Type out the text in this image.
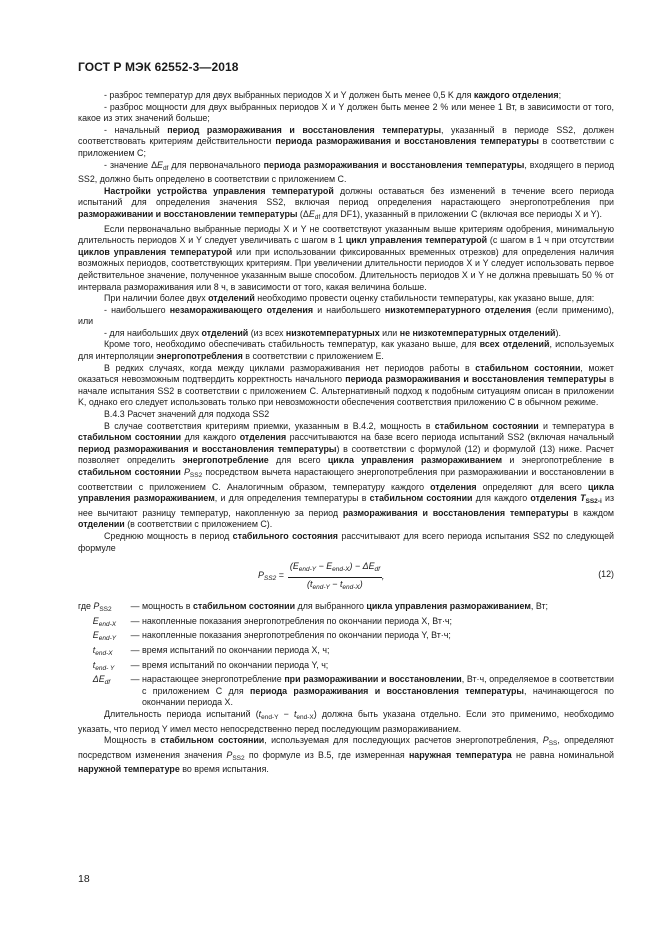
ГОСТ Р МЭК 62552-3—2018

- разброс температур для двух выбранных периодов X и Y должен быть менее 0,5 K для каждого отделения;

- разброс мощности для двух выбранных периодов X и Y должен быть менее 2 % или менее 1 Вт, в зависимости от того, какое из этих значений больше;

- начальный период размораживания и восстановления температуры, указанный в периоде SS2, должен соответствовать критериям действительности периода размораживания и восстановления температуры в соответствии с приложением С;

- значение $\Delta E_{df}$ для первоначального периода размораживания и восстановления температуры, входящего в период SS2, должно быть определено в соответствии с приложением С.

Настройки устройства управления температурой должны оставаться без изменений в течение всего периода испытаний для определения значения SS2, включая период определения нарастающего энергопотребления при размораживании и восстановлении температуры ($\Delta E_{df}$ для DF1), указанный в приложении С (включая все периоды X и Y).

Если первоначально выбранные периоды X и Y не соответствуют указанным выше критериям одобрения, минимальную длительность периодов X и Y следует увеличивать с шагом в 1 цикл управления температурой (с шагом в 1 ч при отсутствии циклов управления температурой или при использовании фиксированных временных отрезков) для определения наличия возможных периодов, соответствующих критериям. При увеличении длительности периодов X и Y следует использовать первое действительное значение, полученное указанным выше способом. Длительность периодов X и Y не должна превышать 50 % от интервала размораживания или 8 ч, в зависимости от того, какая величина больше.

При наличии более двух отделений необходимо провести оценку стабильности температуры, как указано выше, для:

- наибольшего незамораживающего отделения и наибольшего низкотемпературного отделения (если применимо), или

- для наибольших двух отделений (из всех низкотемпературных или не низкотемпературных отделений).

Кроме того, необходимо обеспечивать стабильность температур, как указано выше, для всех отделений, используемых для интерполяции энергопотребления в соответствии с приложением Е.

В редких случаях, когда между циклами размораживания нет периодов работы в стабильном состоянии, может оказаться невозможным подтвердить корректность начального периода размораживания и восстановления температуры в начале испытания SS2 в соответствии с приложением С. Альтернативный подход к подобным ситуациям описан в приложении K, однако его следует использовать только при невозможности обеспечения соответствия приложению С в обычном режиме.

В.4.3 Расчет значений для подхода SS2

В случае соответствия критериям приемки, указанным в В.4.2, мощность в стабильном состоянии и температура в стабильном состоянии для каждого отделения рассчитываются на базе всего периода испытаний SS2 (включая начальный период размораживания и восстановления температуры) в соответствии с формулой (12) и формулой (13) ниже. Расчет позволяет определить энергопотребление для всего цикла управления размораживанием и энергопотребление в стабильном состоянии $P_{SS2}$ посредством вычета нарастающего энергопотребления при размораживании и восстановлении в соответствии с приложением С. Аналогичным образом, температуру каждого отделения определяют для всего цикла управления размораживанием, и для определения температуры в стабильном состоянии для каждого отделения $T_{SS2-i}$ из нее вычитают разницу температур, накопленную за период размораживания и восстановления температуры в каждом отделении (в соответствии с приложением С).

Среднюю мощность в период стабильного состояния рассчитывают для всего периода испытания SS2 по следующей формуле

$P_{SS2} = \frac{(E_{end-Y} - E_{end-X}) - \Delta E_{df}}{(t_{end-Y} - t_{end-X})}$ ,	(12)
где $P_{SS2}$	— мощность в стабильном состоянии для выбранного цикла управления размораживанием, Вт;
$E_{end-X}$	— накопленные показания энергопотребления по окончании периода X, Вт·ч;
$E_{end-Y}$	— накопленные показания энергопотребления по окончании периода Y, Вт·ч;
$t_{end-X}$	— время испытаний по окончании периода X, ч;
$t_{end- Y}$	— время испытаний по окончании периода Y, ч;
$\Delta E_{df}$	— нарастающее энергопотребление при размораживании и восстановлении, Вт·ч, определяемое в соответствии с приложением С для периода размораживания и восстановления температуры, начинающегося по окончании периода X.

Длительность периода испытаний $(t_{end-Y} - t_{end-X})$ должна быть указана отдельно. Если это применимо, необходимо указать, что период Y имел место непосредственно перед последующим размораживанием.

Мощность в стабильном состоянии, используемая для последующих расчетов энергопотребления, $P_{SS}$, определяют посредством изменения значения $P_{SS2}$ по формуле из В.5, где измеренная наружная температура не равна номинальной наружной температуре во время испытания.

18
